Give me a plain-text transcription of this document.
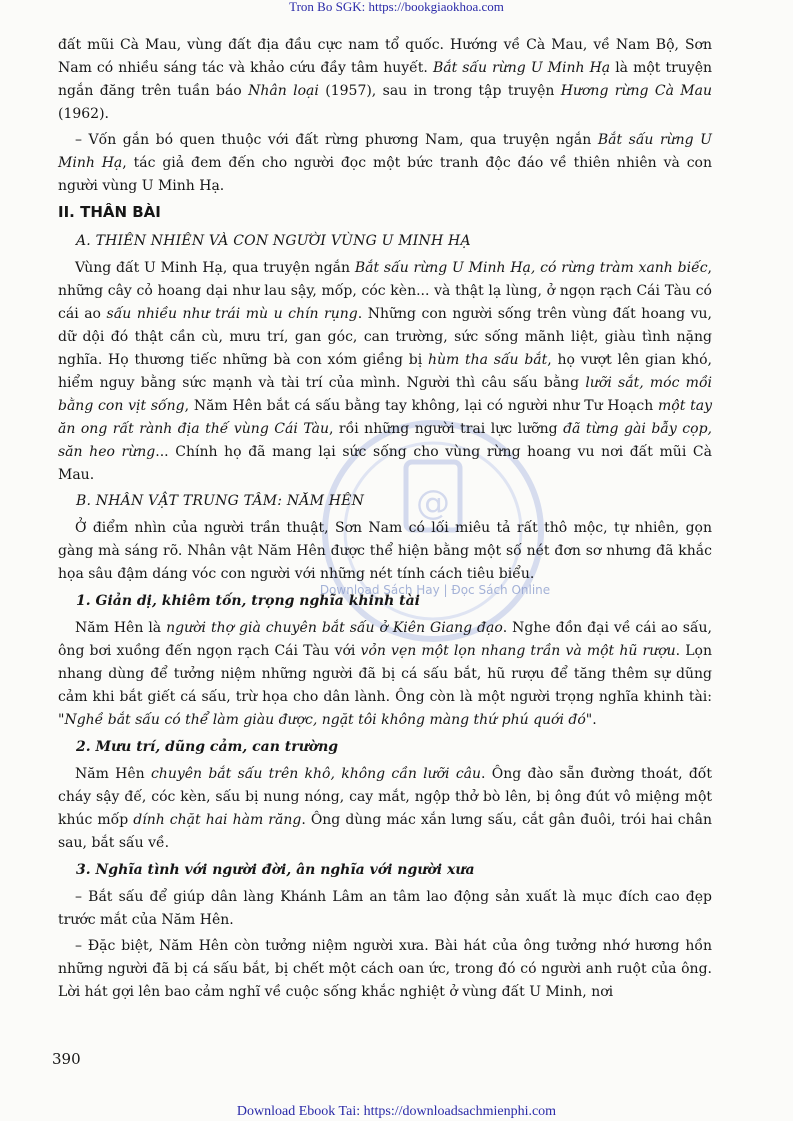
Tron Bo SGK: https://bookgiaokhoa.com
@
Download Sách Hay | Đọc Sách Online

đất mũi Cà Mau, vùng đất địa đầu cực nam tổ quốc. Hướng về Cà Mau, về Nam Bộ, Sơn Nam có nhiều sáng tác và khảo cứu đầy tâm huyết. Bắt sấu rừng U Minh Hạ là một truyện ngắn đăng trên tuần báo Nhân loại (1957), sau in trong tập truyện Hương rừng Cà Mau (1962).

– Vốn gắn bó quen thuộc với đất rừng phương Nam, qua truyện ngắn Bắt sấu rừng U Minh Hạ, tác giả đem đến cho người đọc một bức tranh độc đáo về thiên nhiên và con người vùng U Minh Hạ.

II. THÂN BÀI
A. THIÊN NHIÊN VÀ CON NGƯỜI VÙNG U MINH HẠ

Vùng đất U Minh Hạ, qua truyện ngắn Bắt sấu rừng U Minh Hạ, có rừng tràm xanh biếc, những cây cỏ hoang dại như lau sậy, mốp, cóc kèn... và thật lạ lùng, ở ngọn rạch Cái Tàu có cái ao sấu nhiều như trái mù u chín rụng. Những con người sống trên vùng đất hoang vu, dữ dội đó thật cần cù, mưu trí, gan góc, can trường, sức sống mãnh liệt, giàu tình nặng nghĩa. Họ thương tiếc những bà con xóm giềng bị hùm tha sấu bắt, họ vượt lên gian khó, hiểm nguy bằng sức mạnh và tài trí của mình. Người thì câu sấu bằng lưỡi sắt, móc mồi bằng con vịt sống, Năm Hên bắt cá sấu bằng tay không, lại có người như Tư Hoạch một tay ăn ong rất rành địa thế vùng Cái Tàu, rồi những người trai lực lưỡng đã từng gài bẫy cọp, săn heo rừng... Chính họ đã mang lại sức sống cho vùng rừng hoang vu nơi đất mũi Cà Mau.

B. NHÂN VẬT TRUNG TÂM: NĂM HÊN

Ở điểm nhìn của người trần thuật, Sơn Nam có lối miêu tả rất thô mộc, tự nhiên, gọn gàng mà sáng rõ. Nhân vật Năm Hên được thể hiện bằng một số nét đơn sơ nhưng đã khắc họa sâu đậm dáng vóc con người với những nét tính cách tiêu biểu.

1. Giản dị, khiêm tốn, trọng nghĩa khinh tài

Năm Hên là người thợ già chuyên bắt sấu ở Kiên Giang đạo. Nghe đồn đại về cái ao sấu, ông bơi xuồng đến ngọn rạch Cái Tàu với vỏn vẹn một lọn nhang trần và một hũ rượu. Lọn nhang dùng để tưởng niệm những người đã bị cá sấu bắt, hũ rượu để tăng thêm sự dũng cảm khi bắt giết cá sấu, trừ họa cho dân lành. Ông còn là một người trọng nghĩa khinh tài: "Nghề bắt sấu có thể làm giàu được, ngặt tôi không màng thứ phú quới đó".

2. Mưu trí, dũng cảm, can trường

Năm Hên chuyên bắt sấu trên khô, không cần lưỡi câu. Ông đào sẵn đường thoát, đốt cháy sậy đế, cóc kèn, sấu bị nung nóng, cay mắt, ngộp thở bò lên, bị ông đút vô miệng một khúc mốp dính chặt hai hàm răng. Ông dùng mác xắn lưng sấu, cắt gân đuôi, trói hai chân sau, bắt sấu về.

3. Nghĩa tình với người đời, ân nghĩa với người xưa

– Bắt sấu để giúp dân làng Khánh Lâm an tâm lao động sản xuất là mục đích cao đẹp trước mắt của Năm Hên.

– Đặc biệt, Năm Hên còn tưởng niệm người xưa. Bài hát của ông tưởng nhớ hương hồn những người đã bị cá sấu bắt, bị chết một cách oan ức, trong đó có người anh ruột của ông. Lời hát gợi lên bao cảm nghĩ về cuộc sống khắc nghiệt ở vùng đất U Minh, nơi

390
Download Ebook Tai: https://downloadsachmienphi.com
